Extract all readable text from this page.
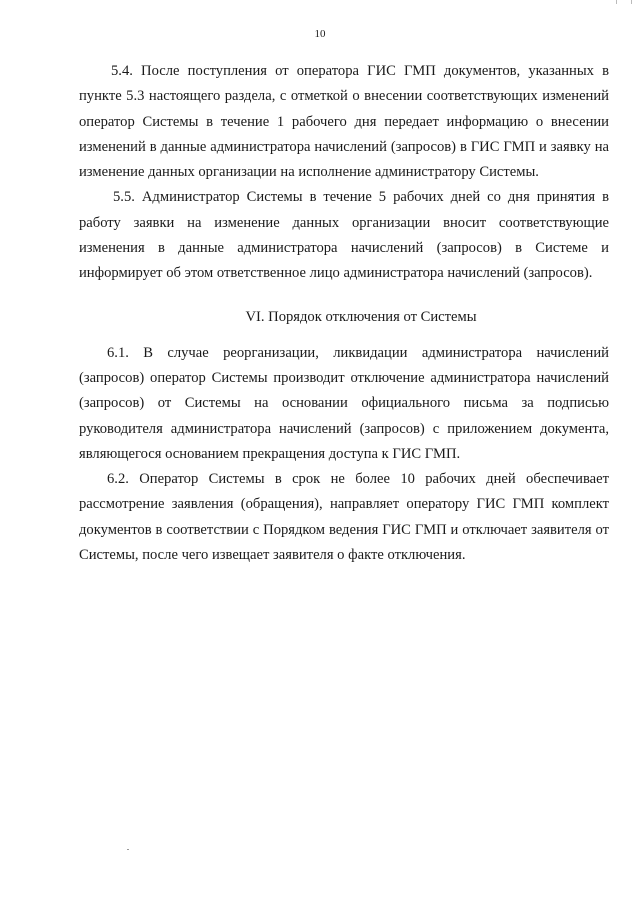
10

5.4. После поступления от оператора ГИС ГМП документов, указанных в пункте 5.3 настоящего раздела, с отметкой о внесении соответствующих изменений оператор Системы в течение 1 рабочего дня передает информацию о внесении изменений в данные администратора начислений (запросов) в ГИС ГМП и заявку на изменение данных организации на исполнение администратору Системы.

5.5. Администратор Системы в течение 5 рабочих дней со дня принятия в работу заявки на изменение данных организации вносит соответствующие изменения в данные администратора начислений (запросов) в Системе и информирует об этом ответственное лицо администратора начислений (запросов).

VI. Порядок отключения от Системы

6.1. В случае реорганизации, ликвидации администратора начислений (запросов) оператор Системы производит отключение администратора начислений (запросов) от Системы на основании официального письма за подписью руководителя администратора начислений (запросов) с приложением документа, являющегося основанием прекращения доступа к ГИС ГМП.

6.2. Оператор Системы в срок не более 10 рабочих дней обеспечивает рассмотрение заявления (обращения), направляет оператору ГИС ГМП комплект документов в соответствии с Порядком ведения ГИС ГМП и отключает заявителя от Системы, после чего извещает заявителя о факте отключения.
